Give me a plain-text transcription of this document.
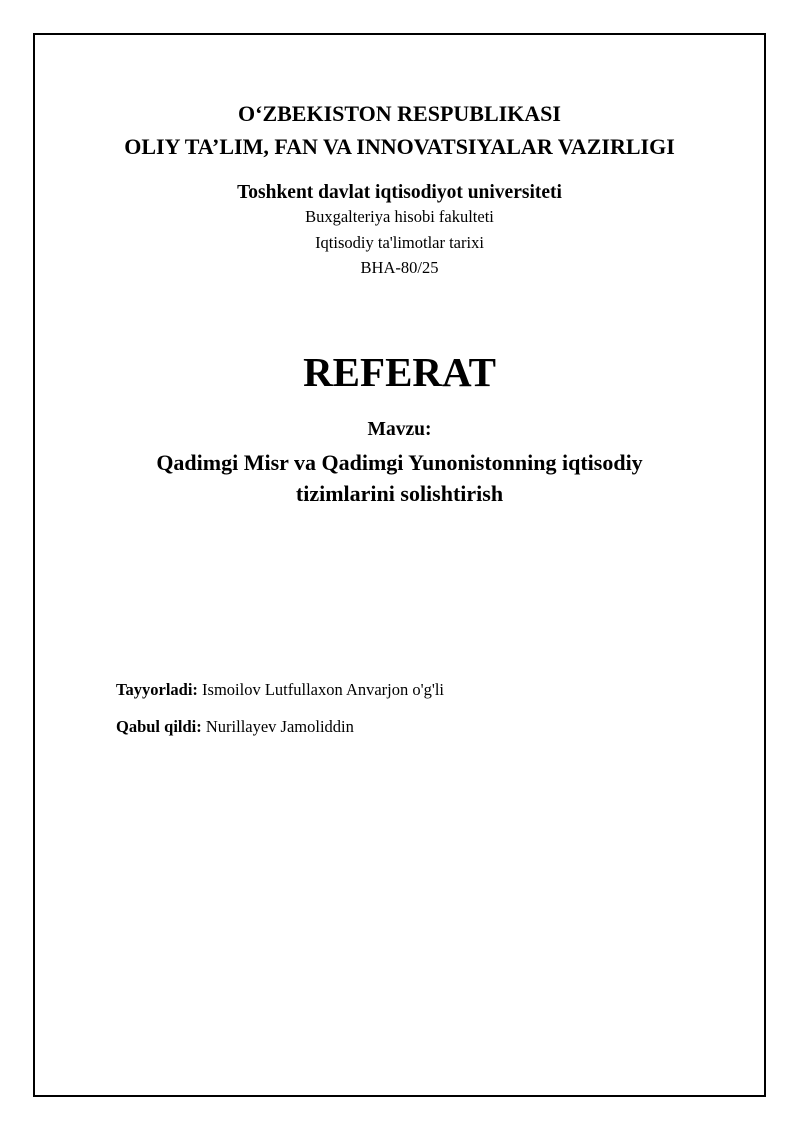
O‘ZBEKISTON RESPUBLIKASI

OLIY TA’LIM, FAN VA INNOVATSIYALAR VAZIRLIGI

Toshkent davlat iqtisodiyot universiteti

Buxgalteriya hisobi fakulteti

Iqtisodiy ta'limotlar tarixi

BHA-80/25

REFERAT

Mavzu:

Qadimgi Misr va Qadimgi Yunonistonning iqtisodiy
tizimlarini solishtirish

Tayyorladi: Ismoilov Lutfullaxon Anvarjon o'g'li

Qabul qildi: Nurillayev Jamoliddin
